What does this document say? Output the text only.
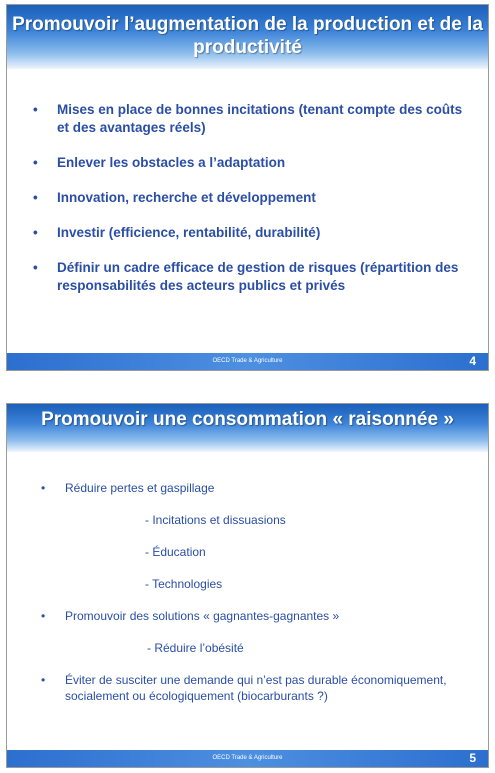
Promouvoir l’augmentation de la production et de la productivité
• Mises en place de bonnes incitations (tenant compte des coûts et des avantages réels)
• Enlever les obstacles a l’adaptation
• Innovation, recherche et développement
• Investir (efficience, rentabilité, durabilité)
• Définir un cadre efficace de gestion de risques (répartition des responsabilités des acteurs publics et privés
OECD Trade & Agriculture	4
Promouvoir une consommation « raisonnée »
• Réduire pertes et gaspillage
- Incitations et dissuasions
- Éducation
- Technologies
• Promouvoir des solutions « gagnantes-gagnantes »
- Réduire l’obésité
• Éviter de susciter une demande qui n’est pas durable économiquement, socialement ou écologiquement (biocarburants ?)
OECD Trade & Agriculture	5
